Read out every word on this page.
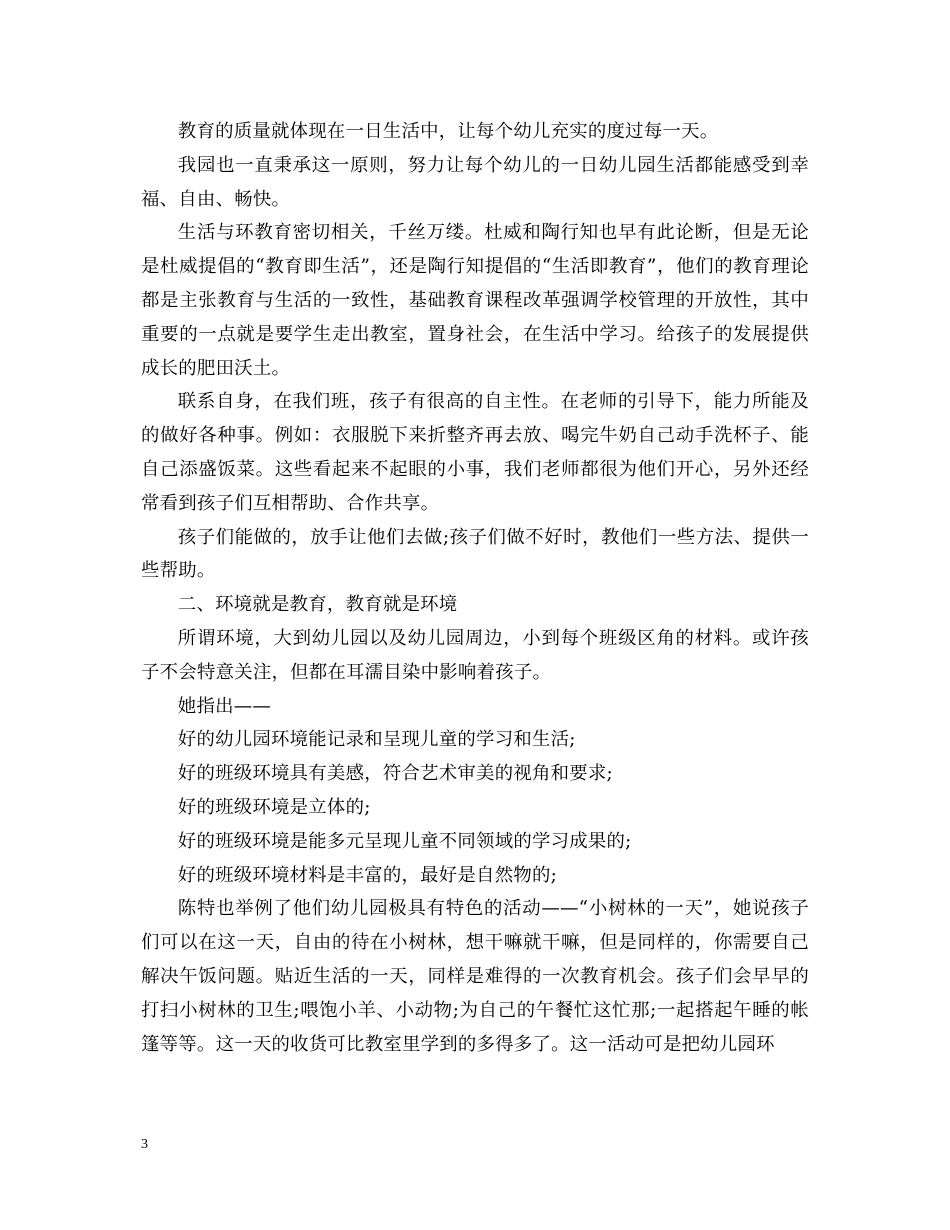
教育的质量就体现在一日生活中，让每个幼儿充实的度过每一天。

我园也一直秉承这一原则，努力让每个幼儿的一日幼儿园生活都能感受到幸福、自由、畅快。

生活与环教育密切相关，千丝万缕。杜威和陶行知也早有此论断，但是无论是杜威提倡的“教育即生活”，还是陶行知提倡的“生活即教育”，他们的教育理论都是主张教育与生活的一致性，基础教育课程改革强调学校管理的开放性，其中重要的一点就是要学生走出教室，置身社会，在生活中学习。给孩子的发展提供成长的肥田沃土。

联系自身，在我们班，孩子有很高的自主性。在老师的引导下，能力所能及的做好各种事。例如：衣服脱下来折整齐再去放、喝完牛奶自己动手洗杯子、能自己添盛饭菜。这些看起来不起眼的小事，我们老师都很为他们开心，另外还经常看到孩子们互相帮助、合作共享。

孩子们能做的，放手让他们去做;孩子们做不好时，教他们一些方法、提供一些帮助。

二、环境就是教育，教育就是环境

所谓环境，大到幼儿园以及幼儿园周边，小到每个班级区角的材料。或许孩子不会特意关注，但都在耳濡目染中影响着孩子。

她指出——

好的幼儿园环境能记录和呈现儿童的学习和生活;

好的班级环境具有美感，符合艺术审美的视角和要求;

好的班级环境是立体的;

好的班级环境是能多元呈现儿童不同领域的学习成果的;

好的班级环境材料是丰富的，最好是自然物的;

陈特也举例了他们幼儿园极具有特色的活动——“小树林的一天”，她说孩子们可以在这一天，自由的待在小树林，想干嘛就干嘛，但是同样的，你需要自己解决午饭问题。贴近生活的一天，同样是难得的一次教育机会。孩子们会早早的打扫小树林的卫生;喂饱小羊、小动物;为自己的午餐忙这忙那;一起搭起午睡的帐篷等等。这一天的收货可比教室里学到的多得多了。这一活动可是把幼儿园环

3
